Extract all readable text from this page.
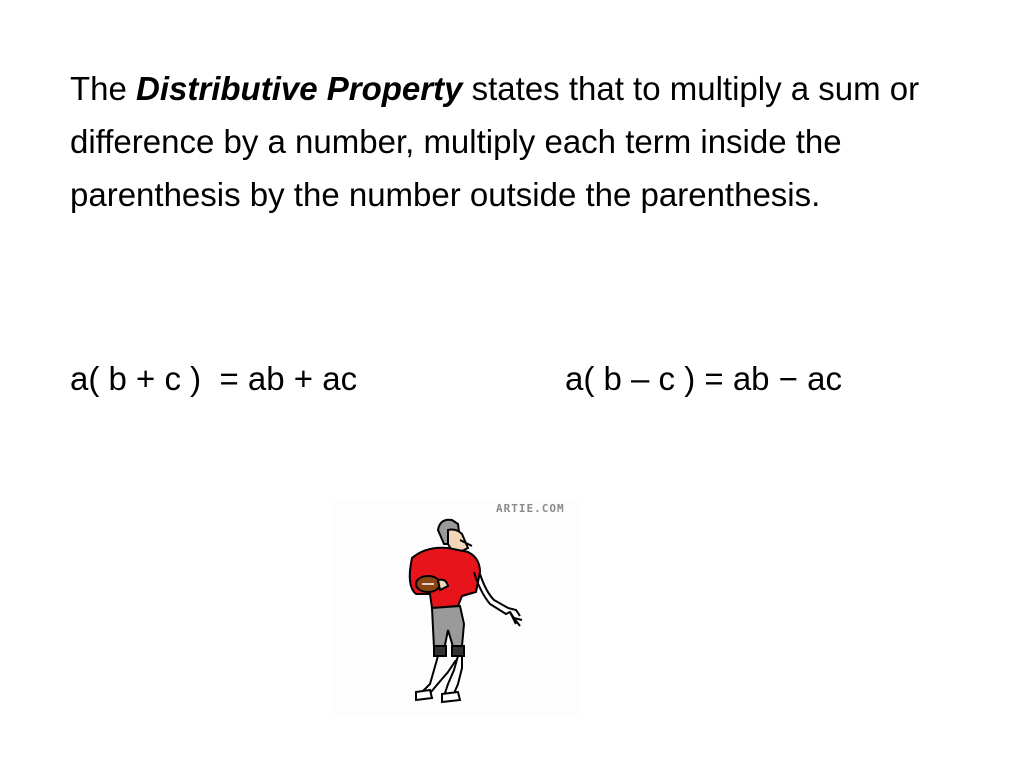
The Distributive Property states that to multiply a sum or difference by a number, multiply each term inside the parenthesis by the number outside the parenthesis.

a( b + c )  = ab + ac	a( b – c ) = ab − ac

ARTIE.COM
